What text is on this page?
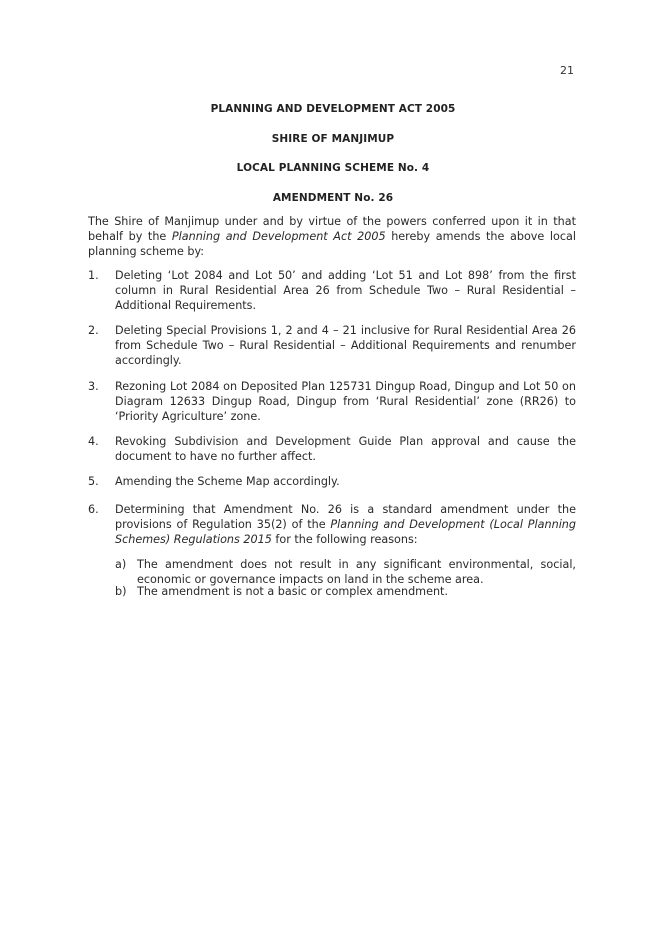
21
PLANNING AND DEVELOPMENT ACT 2005
SHIRE OF MANJIMUP
LOCAL PLANNING SCHEME No. 4
AMENDMENT No. 26
The Shire of Manjimup under and by virtue of the powers conferred upon it in that behalf by the Planning and Development Act 2005 hereby amends the above local planning scheme by:
1.	Deleting ‘Lot 2084 and Lot 50’ and adding ‘Lot 51 and Lot 898’ from the first column in Rural Residential Area 26 from Schedule Two – Rural Residential – Additional Requirements.
2.	Deleting Special Provisions 1, 2 and 4 – 21 inclusive for Rural Residential Area 26 from Schedule Two – Rural Residential – Additional Requirements and renumber accordingly.
3.	Rezoning Lot 2084 on Deposited Plan 125731 Dingup Road, Dingup and Lot 50 on Diagram 12633 Dingup Road, Dingup from ‘Rural Residential’ zone (RR26) to ‘Priority Agriculture’ zone.
4.	Revoking Subdivision and Development Guide Plan approval and cause the document to have no further affect.
5.	Amending the Scheme Map accordingly.
6.	Determining that Amendment No. 26 is a standard amendment under the provisions of Regulation 35(2) of the Planning and Development (Local Planning Schemes) Regulations 2015 for the following reasons:
a) The amendment does not result in any significant environmental, social, economic or governance impacts on land in the scheme area.
b) The amendment is not a basic or complex amendment.
